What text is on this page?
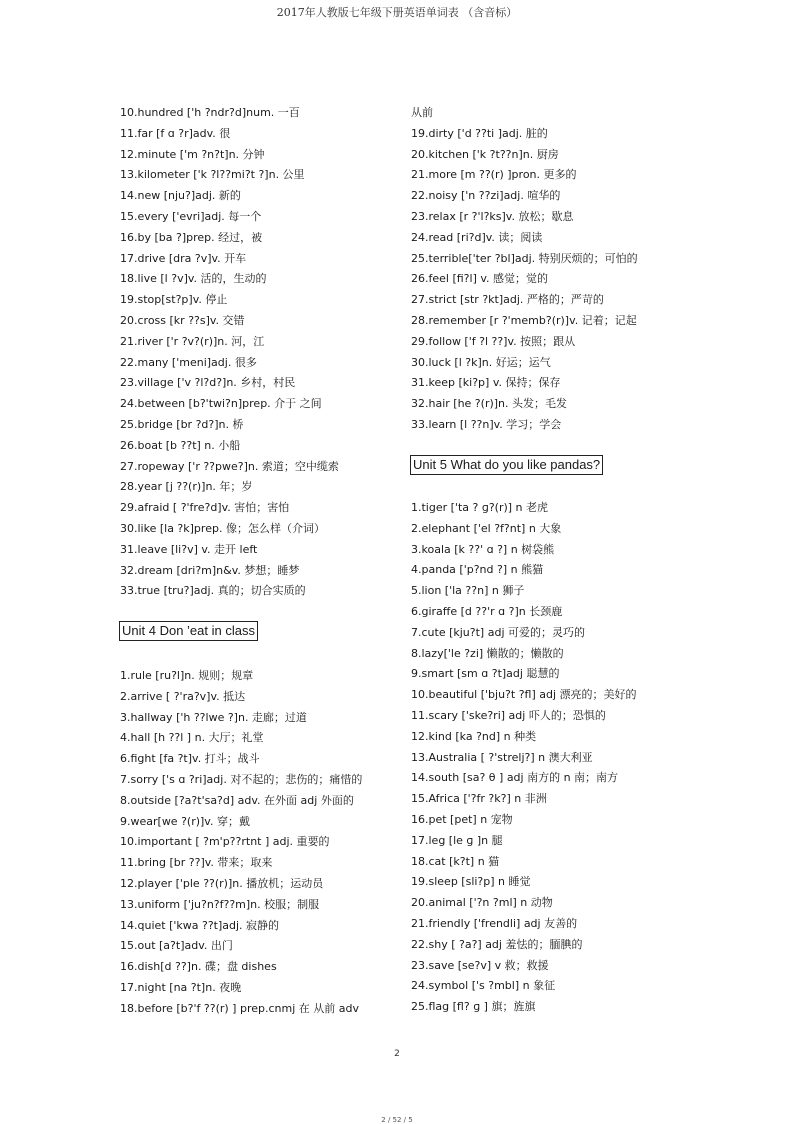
2017年人教版七年级下册英语单词表 （含音标）
10.hundred ['h ?ndr?d]num. 一百
11.far [f ɑ ?r]adv. 很
12.minute ['m ?n?t]n. 分钟
13.kilometer ['k ?l??mi?t ?]n. 公里
14.new [nju?]adj. 新的
15.every ['evri]adj. 每一个
16.by [ba ?]prep. 经过，被
17.drive [dra ?v]v. 开车
18.live [l ?v]v. 活的，生动的
19.stop[st?p]v. 停止
20.cross [kr ??s]v. 交错
21.river ['r ?v?(r)]n. 河，江
22.many ['meni]adj. 很多
23.village ['v ?l?d?]n. 乡村，村民
24.between [b?'twi?n]prep. 介于 之间
25.bridge [br ?d?]n. 桥
26.boat [b ??t] n. 小船
27.ropeway ['r ??pwe?]n. 索道；空中缆索
28.year [j ??(r)]n. 年；岁
29.afraid [ ?'fre?d]v. 害怕；害怕
30.like [la ?k]prep. 像；怎么样（介词）
31.leave [li?v] v. 走开 left
32.dream [dri?m]n&v. 梦想；睡梦
33.true [tru?]adj. 真的；切合实质的
Unit 4 Don ’eat in class
1.rule [ru?l]n. 规则；规章
2.arrive [ ?'ra?v]v. 抵达
3.hallway ['h ??lwe ?]n. 走廊；过道
4.hall [h ??l ] n. 大厅；礼堂
6.fight [fa ?t]v. 打斗；战斗
7.sorry ['s ɑ ?ri]adj. 对不起的；悲伤的；痛惜的
8.outside [?a?t'sa?d] adv. 在外面 adj 外面的
9.wear[we ?(r)]v. 穿；戴
10.important [ ?m'p??rtnt ] adj. 重要的
11.bring [br ??]v. 带来；取来
12.player ['ple ??(r)]n. 播放机；运动员
13.uniform ['ju?n?f??m]n. 校服；制服
14.quiet ['kwa ??t]adj. 寂静的
15.out [a?t]adv. 出门
16.dish[d ??]n. 碟；盘 dishes
17.night [na ?t]n. 夜晚
18.before [b?'f ??(r) ] prep.cnmj 在 从前 adv
从前
19.dirty ['d ??ti ]adj. 脏的
20.kitchen ['k ?t??n]n. 厨房
21.more [m ??(r) ]pron. 更多的
22.noisy ['n ??zi]adj. 喧华的
23.relax [r ?'l?ks]v. 放松；歇息
24.read [ri?d]v. 读；阅读
25.terrible['ter ?bl]adj. 特别厌烦的；可怕的
26.feel [fi?l] v. 感觉；觉的
27.strict [str ?kt]adj. 严格的；严苛的
28.remember [r ?'memb?(r)]v. 记着；记起
29.follow ['f ?l ??]v. 按照；跟从
30.luck [l ?k]n. 好运；运气
31.keep [ki?p] v. 保持；保存
32.hair [he ?(r)]n. 头发；毛发
33.learn [l ??n]v. 学习；学会
Unit 5 What do you like pandas?
1.tiger ['ta ? ɡ?(r)] n 老虎
2.elephant ['el ?f?nt] n 大象
3.koala [k ??' ɑ ?] n 树袋熊
4.panda ['p?nd ?] n 熊猫
5.lion ['la ??n] n 狮子
6.giraffe [d ??'r ɑ ?]n 长颈鹿
7.cute [kju?t] adj 可爱的；灵巧的
8.lazy['le ?zi] 懒散的；懒散的
9.smart [sm ɑ ?t]adj 聪慧的
10.beautiful ['bju?t ?fl] adj 漂亮的；美好的
11.scary ['ske?ri] adj 吓人的；恐惧的
12.kind [ka ?nd] n 种类
13.Australia [ ?'strelj?] n 澳大利亚
14.south [sa? θ ] adj 南方的 n 南；南方
15.Africa ['?fr ?k?] n 非洲
16.pet [pet] n 宠物
17.leg [le ɡ ]n 腿
18.cat [k?t] n 猫
19.sleep [sli?p] n 睡觉
20.animal ['?n ?ml] n 动物
21.friendly ['frendli] adj 友善的
22.shy [ ?a?] adj 羞怯的；腼腆的
23.save [se?v] v 救；救援
24.symbol ['s ?mbl] n 象征
25.flag [fl? ɡ ] 旗；旌旗
2
2 / 52 / 5
